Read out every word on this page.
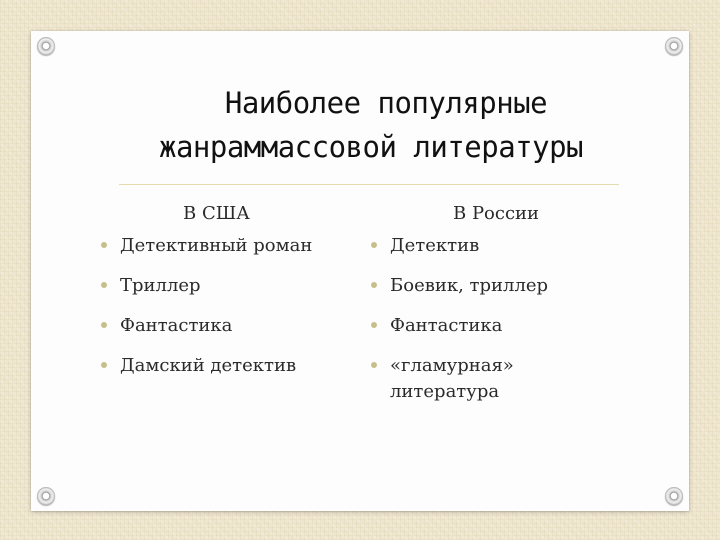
Наиболее популярные
жанраммассовой литературы
В США
Детективный роман
Триллер
Фантастика
Дамский детектив
В России
Детектив
Боевик, триллер
Фантастика
«гламурная» литература
